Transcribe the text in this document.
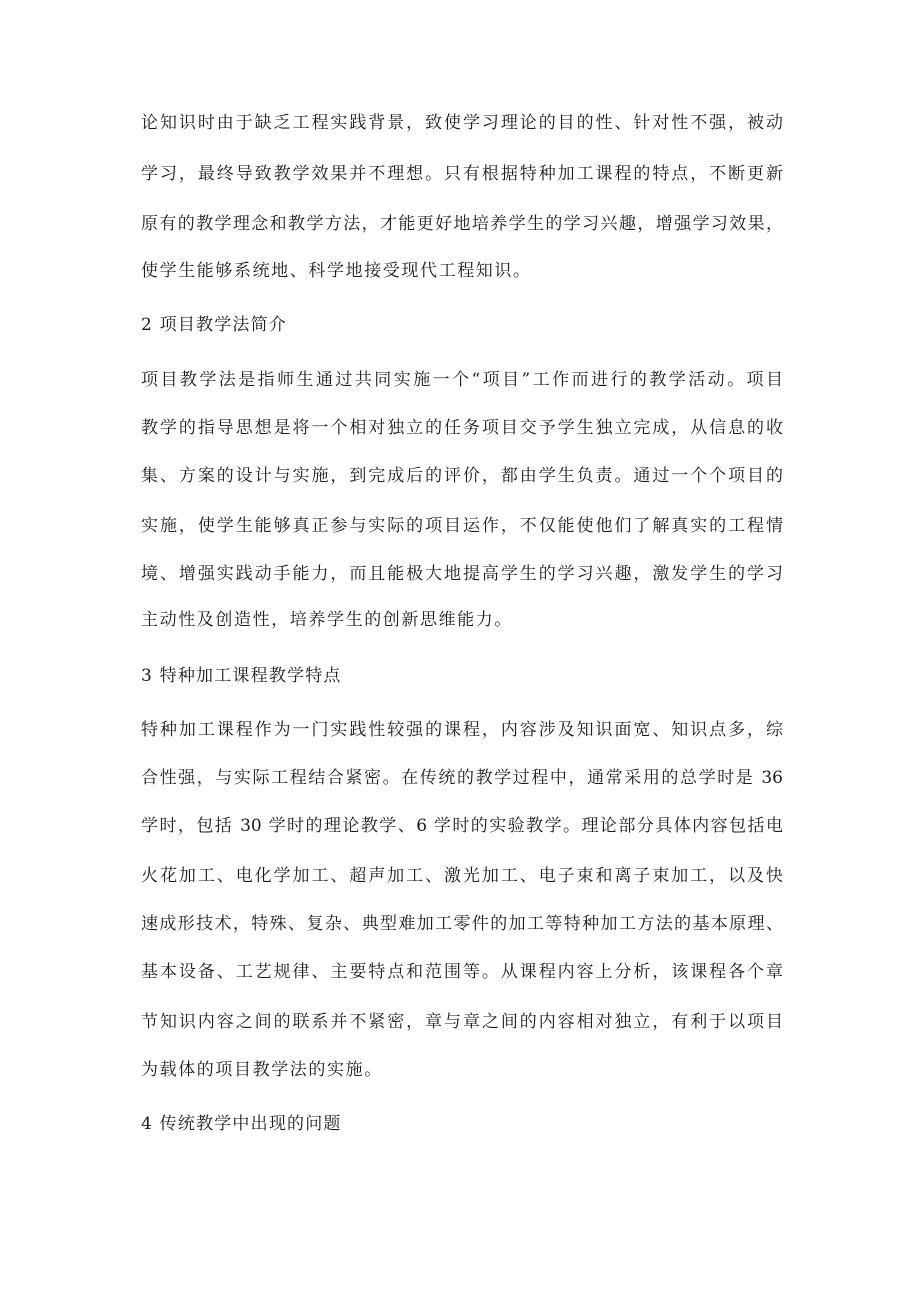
论知识时由于缺乏工程实践背景，致使学习理论的目的性、针对性不强，被动
学习，最终导致教学效果并不理想。只有根据特种加工课程的特点，不断更新
原有的教学理念和教学方法，才能更好地培养学生的学习兴趣，增强学习效果，
使学生能够系统地、科学地接受现代工程知识。
2 项目教学法简介
项目教学法是指师生通过共同实施一个“项目”工作而进行的教学活动。项目
教学的指导思想是将一个相对独立的任务项目交予学生独立完成，从信息的收
集、方案的设计与实施，到完成后的评价，都由学生负责。通过一个个项目的
实施，使学生能够真正参与实际的项目运作，不仅能使他们了解真实的工程情
境、增强实践动手能力，而且能极大地提高学生的学习兴趣，激发学生的学习
主动性及创造性，培养学生的创新思维能力。
3 特种加工课程教学特点
特种加工课程作为一门实践性较强的课程，内容涉及知识面宽、知识点多，综
合性强，与实际工程结合紧密。在传统的教学过程中，通常采用的总学时是 36
学时，包括 30 学时的理论教学、6 学时的实验教学。理论部分具体内容包括电
火花加工、电化学加工、超声加工、激光加工、电子束和离子束加工，以及快
速成形技术，特殊、复杂、典型难加工零件的加工等特种加工方法的基本原理、
基本设备、工艺规律、主要特点和范围等。从课程内容上分析，该课程各个章
节知识内容之间的联系并不紧密，章与章之间的内容相对独立，有利于以项目
为载体的项目教学法的实施。
4 传统教学中出现的问题
